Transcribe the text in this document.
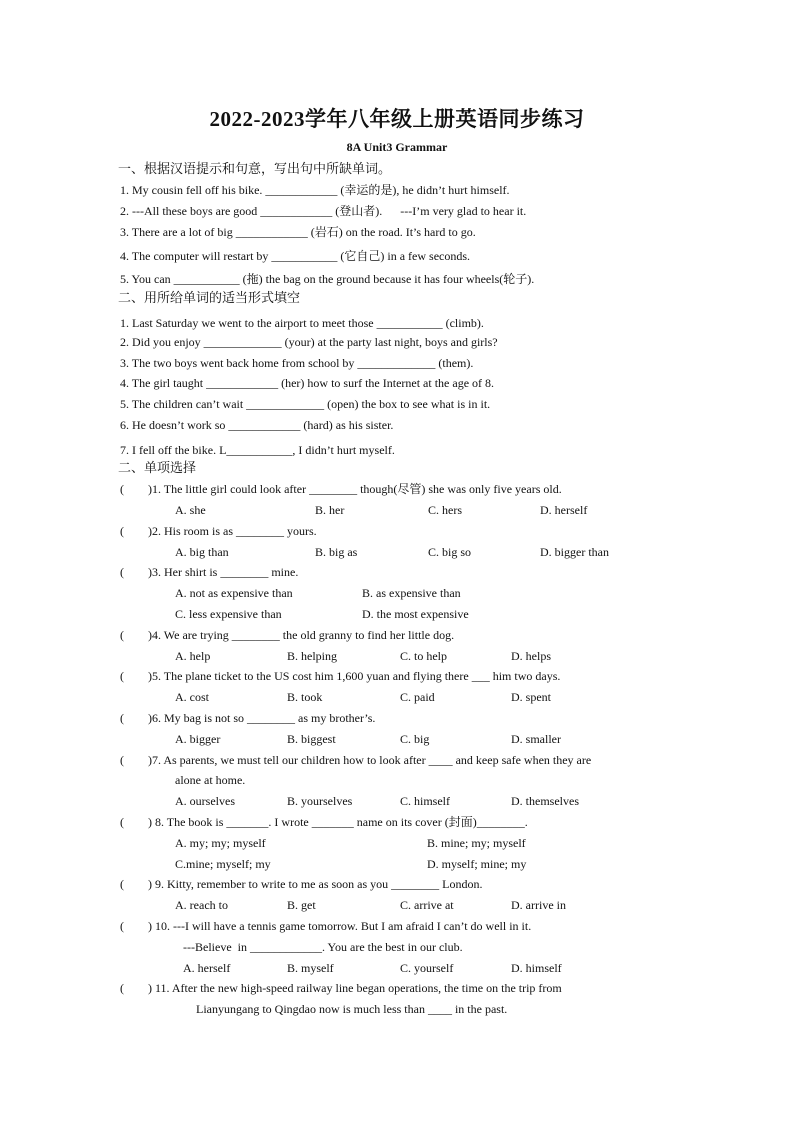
2022-2023学年八年级上册英语同步练习
8A Unit3 Grammar
一、根据汉语提示和句意，写出句中所缺单词。
1. My cousin fell off his bike. ____________ (幸运的是), he didn’t hurt himself.
2. ---All these boys are good ____________ (登山者).      ---I’m very glad to hear it.
3. There are a lot of big ____________ (岩石) on the road. It’s hard to go.
4. The computer will restart by ___________ (它自己) in a few seconds.
5. You can ___________ (拖) the bag on the ground because it has four wheels(轮子).
二、用所给单词的适当形式填空
1. Last Saturday we went to the airport to meet those ___________ (climb).
2. Did you enjoy _____________ (your) at the party last night, boys and girls?
3. The two boys went back home from school by _____________ (them).
4. The girl taught ____________ (her) how to surf the Internet at the age of 8.
5. The children can’t wait _____________ (open) the box to see what is in it.
6. He doesn’t work so ____________ (hard) as his sister.
7. I fell off the bike. L___________, I didn’t hurt myself.
二、单项选择
(        )1. The little girl could look after ________ though(尽管) she was only five years old.
A. she	B. her	C. hers	D. herself
(        )2. His room is as ________ yours.
A. big than	B. big as	C. big so	D. bigger than
(        )3. Her shirt is ________ mine.
A. not as expensive than	B. as expensive than
C. less expensive than	D. the most expensive
(        )4. We are trying ________ the old granny to find her little dog.
A. help	B. helping	C. to help	D. helps
(        )5. The plane ticket to the US cost him 1,600 yuan and flying there ___ him two days.
A. cost	B. took	C. paid	D. spent
(        )6. My bag is not so ________ as my brother’s.
A. bigger	B. biggest	C. big	D. smaller
(        )7. As parents, we must tell our children how to look after ____ and keep safe when they are
alone at home.
A. ourselves	B. yourselves	C. himself	D. themselves
(        ) 8. The book is _______. I wrote _______ name on its cover (封面)________.
A. my; my; myself	B. mine; my; myself
C.mine; myself; my	D. myself; mine; my
(        ) 9. Kitty, remember to write to me as soon as you ________ London.
A. reach to	B. get	C. arrive at	D. arrive in
(        ) 10. ---I will have a tennis game tomorrow. But I am afraid I can’t do well in it.
---Believe  in ____________. You are the best in our club.
A. herself	B. myself	C. yourself	D. himself
(        ) 11. After the new high-speed railway line began operations, the time on the trip from
Lianyungang to Qingdao now is much less than ____ in the past.
